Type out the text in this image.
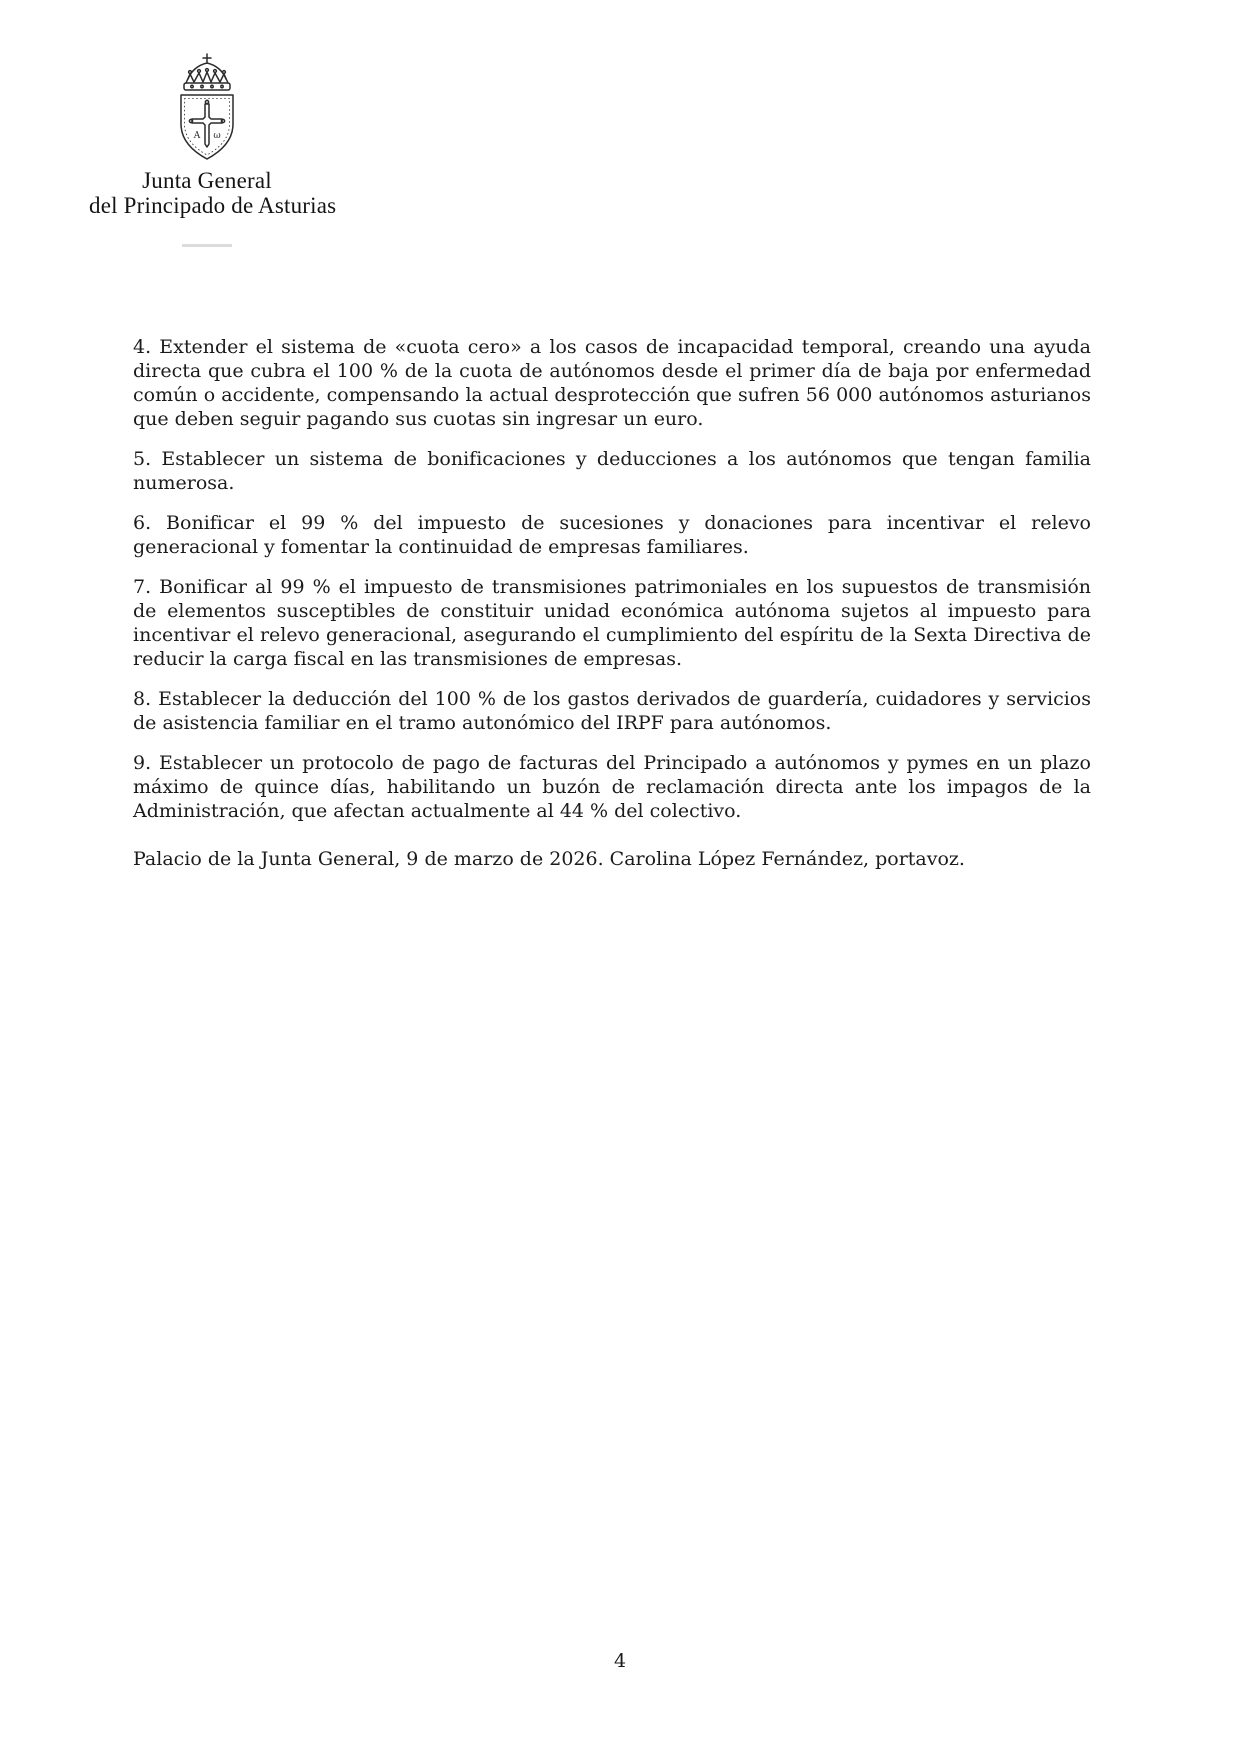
A ω
Junta General
del Principado de Asturias

4. Extender el sistema de «cuota cero» a los casos de incapacidad temporal, creando una ayuda directa que cubra el 100 % de la cuota de autónomos desde el primer día de baja por enfermedad común o accidente, compensando la actual desprotección que sufren 56 000 autónomos asturianos que deben seguir pagando sus cuotas sin ingresar un euro.

5. Establecer un sistema de bonificaciones y deducciones a los autónomos que tengan familia numerosa.

6. Bonificar el 99 % del impuesto de sucesiones y donaciones para incentivar el relevo generacional y fomentar la continuidad de empresas familiares.

7. Bonificar al 99 % el impuesto de transmisiones patrimoniales en los supuestos de transmisión de elementos susceptibles de constituir unidad económica autónoma sujetos al impuesto para incentivar el relevo generacional, asegurando el cumplimiento del espíritu de la Sexta Directiva de reducir la carga fiscal en las transmisiones de empresas.

8. Establecer la deducción del 100 % de los gastos derivados de guardería, cuidadores y servicios de asistencia familiar en el tramo autonómico del IRPF para autónomos.

9. Establecer un protocolo de pago de facturas del Principado a autónomos y pymes en un plazo máximo de quince días, habilitando un buzón de reclamación directa ante los impagos de la Administración, que afectan actualmente al 44 % del colectivo.

Palacio de la Junta General, 9 de marzo de 2026. Carolina López Fernández, portavoz.

4
